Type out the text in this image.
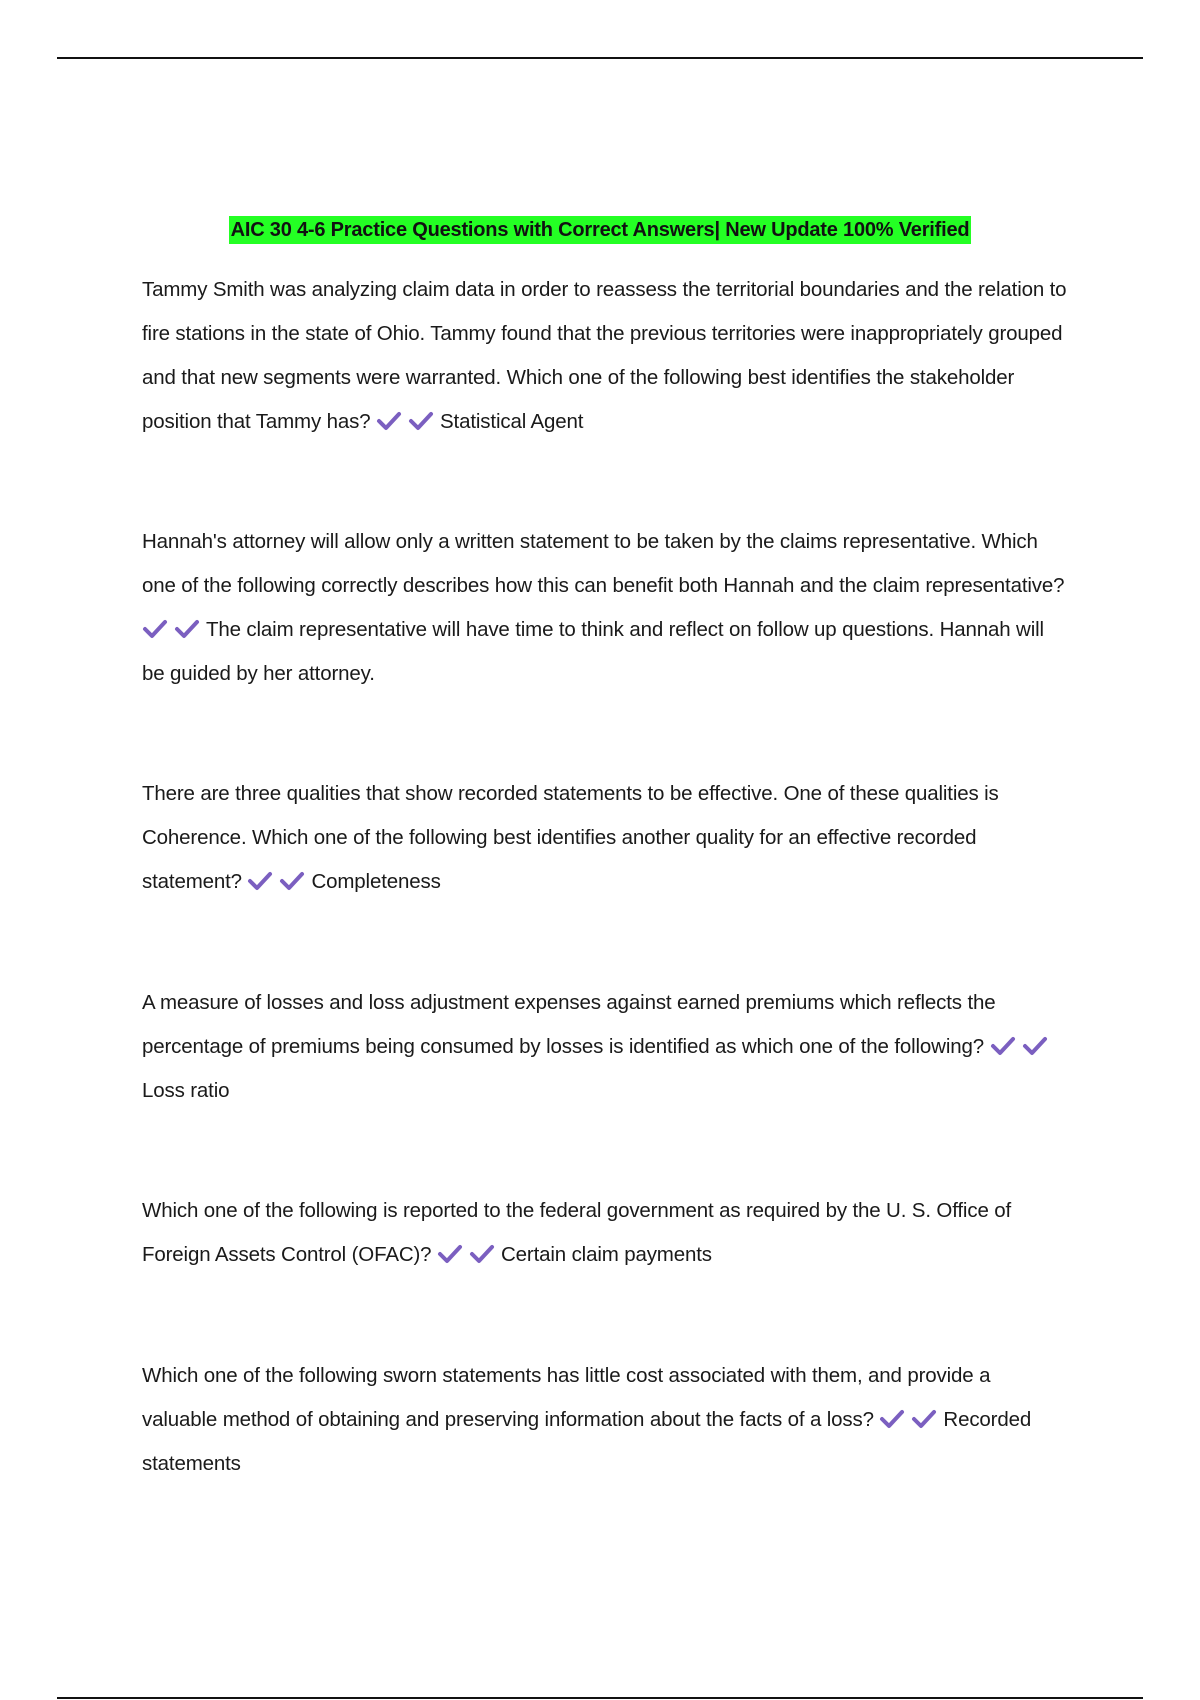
AIC 30 4-6 Practice Questions with Correct Answers| New Update 100% Verified
Tammy Smith was analyzing claim data in order to reassess the territorial boundaries and the relation to fire stations in the state of Ohio. Tammy found that the previous territories were inappropriately grouped and that new segments were warranted. Which one of the following best identifies the stakeholder position that Tammy has?	Statistical Agent
Hannah's attorney will allow only a written statement to be taken by the claims representative. Which one of the following correctly describes how this can benefit both Hannah and the claim representative?
The claim representative will have time to think and reflect on follow up questions. Hannah will be guided by her attorney.
There are three qualities that show recorded statements to be effective. One of these qualities is Coherence. Which one of the following best identifies another quality for an effective recorded statement?	Completeness
A measure of losses and loss adjustment expenses against earned premiums which reflects the percentage of premiums being consumed by losses is identified as which one of the following?
Loss ratio
Which one of the following is reported to the federal government as required by the U. S. Office of Foreign Assets Control (OFAC)?	Certain claim payments
Which one of the following sworn statements has little cost associated with them, and provide a valuable method of obtaining and preserving information about the facts of a loss?	Recorded statements
